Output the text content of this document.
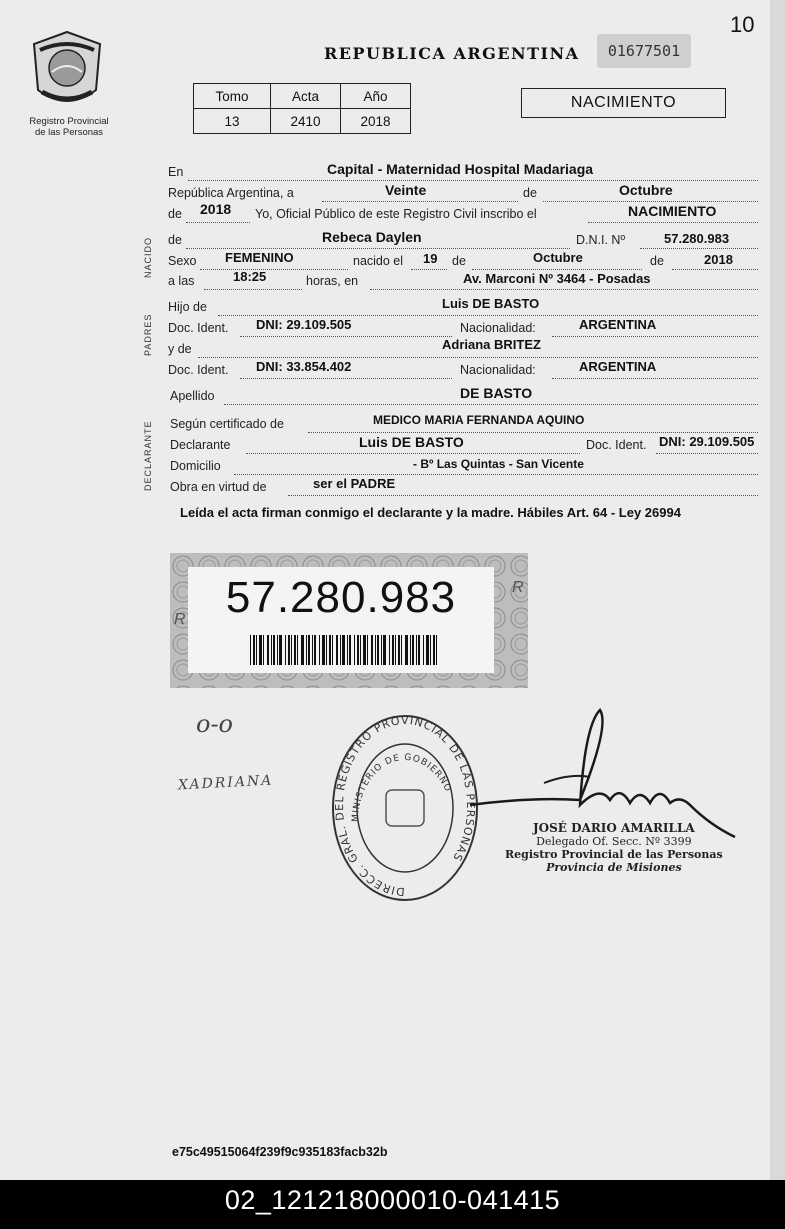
10
Registro Provincial
de las Personas
REPUBLICA ARGENTINA	01677501
Tomo	Acta	Año
13	2410	2018
NACIMIENTO
NACIDO
PADRES
DECLARANTE
En	Capital - Maternidad Hospital Madariaga
República Argentina, a	Veinte	de	Octubre
de 2018 Yo, Oficial Público de este Registro Civil inscribo el	NACIMIENTO
de	Rebeca Daylen	D.N.I. Nº	57.280.983
Sexo FEMENINO	nacido el 19 de	Octubre	de	2018
a las	18:25	horas, en	Av. Marconi Nº 3464 - Posadas
Hijo de	Luis DE BASTO
Doc. Ident. DNI: 29.109.505	Nacionalidad:	ARGENTINA
y de	Adriana BRITEZ
Doc. Ident. DNI: 33.854.402	Nacionalidad:	ARGENTINA
Apellido	DE BASTO
Según certificado de	MEDICO MARIA FERNANDA AQUINO
Declarante	Luis DE BASTO	Doc. Ident. DNI: 29.109.505
Domicilio	- Bº Las Quintas - San Vicente
Obra en virtud de	ser el PADRE
Leída el acta firman conmigo el declarante y la madre. Hábiles Art. 64 - Ley 26994
57.280.983
R
R
o-o
XADRIANA
DIRECC. GRAL. DEL REGISTRO PROVINCIAL DE LAS PERSONAS
MINISTERIO DE GOBIERNO
JOSÉ DARIO AMARILLA
Delegado Of. Secc. Nº 3399
Registro Provincial de las Personas
Provincia de Misiones
e75c49515064f239f9c935183facb32b
02_121218000010-041415
